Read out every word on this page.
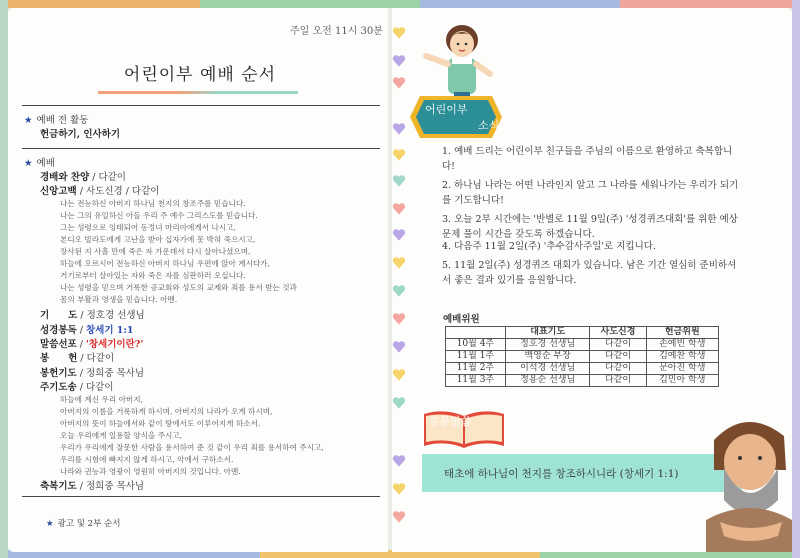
주일 오전 11시 30분
어린이부 예배 순서
★ 예배 전 활동
헌금하기, 인사하기
★ 예배
경배와 찬양 / 다같이
신앙고백 / 사도신경 / 다같이
나는 전능하신 아버지 하나님 천지의 창조주를 믿습니다.
나는 그의 유일하신 아들 우리 주 예수 그리스도를 믿습니다.
그는 성령으로 잉태되어 동정녀 마리아에게서 나시고,
본디오 빌라도에게 고난을 받아 십자가에 못 박혀 죽으시고,
장사된 지 사흘 만에 죽은 자 가운데서 다시 살아나셨으며,
하늘에 오르시어 전능하신 아버지 하나님 우편에 앉아 계시다가,
거기로부터 살아있는 자와 죽은 자를 심판하러 오십니다.
나는 성령을 믿으며 거룩한 공교회와 성도의 교제와 죄를 용서 받는 것과
몸의 부활과 영생을 믿습니다. 아멘.
기　　도 / 정호경 선생님
성경봉독 / 창세기 1:1
말씀선포 / '창세기이란?'
봉　　헌 / 다같이
봉헌기도 / 정희중 목사님
주기도송 / 다같이
하늘에 계신 우리 아버지,
아버지의 이름을 거룩하게 하시며, 아버지의 나라가 오게 하시며,
아버지의 뜻이 하늘에서와 같이 땅에서도 이루어지게 하소서.
오늘 우리에게 일용할 양식을 주시고,
우리가 우리에게 잘못한 사람을 용서하여 준 것 같이 우리 죄를 용서하여 주시고,
우리를 시험에 빠지지 않게 하시고, 악에서 구하소서.
나라와 권능과 영광이 영원히 아버지의 것입니다. 아멘.
축복기도 / 정희중 목사님
★ 광고 및 2부 순서
어린이부
소식
1. 예배 드리는 어린이부 친구들을 주님의 이름으로 환영하고 축복합니다!
2. 하나님 나라는 어떤 나라인지 알고 그 나라를 세워나가는 우리가 되기를 기도합니다!
3. 오늘 2부 시간에는 '반별로 11월 9일(주) '성경퀴즈대회'를 위한 예상문제 풀이 시간을 갖도록 하겠습니다.
4. 다음주 11월 2일(주) '추수감사주일'로 지킵니다.
5. 11월 2일(주) 성경퀴즈 대회가 있습니다. 남은 기간 열심히 준비하셔서 좋은 결과 있기를 응원합니다.
예배위원
	대표기도	사도신경	헌금위원
10월 4주	정호경 선생님	다같이	손예빈 학생
11월 1주	백영순 부장	다같이	김예찬 학생
11월 2주	이석경 선생님	다같이	문아진 학생
11월 3주	정용순 선생님	다같이	김민아 학생
본문말씀
태초에 하나님이 천지를 창조하시니라 (창세기 1:1)
